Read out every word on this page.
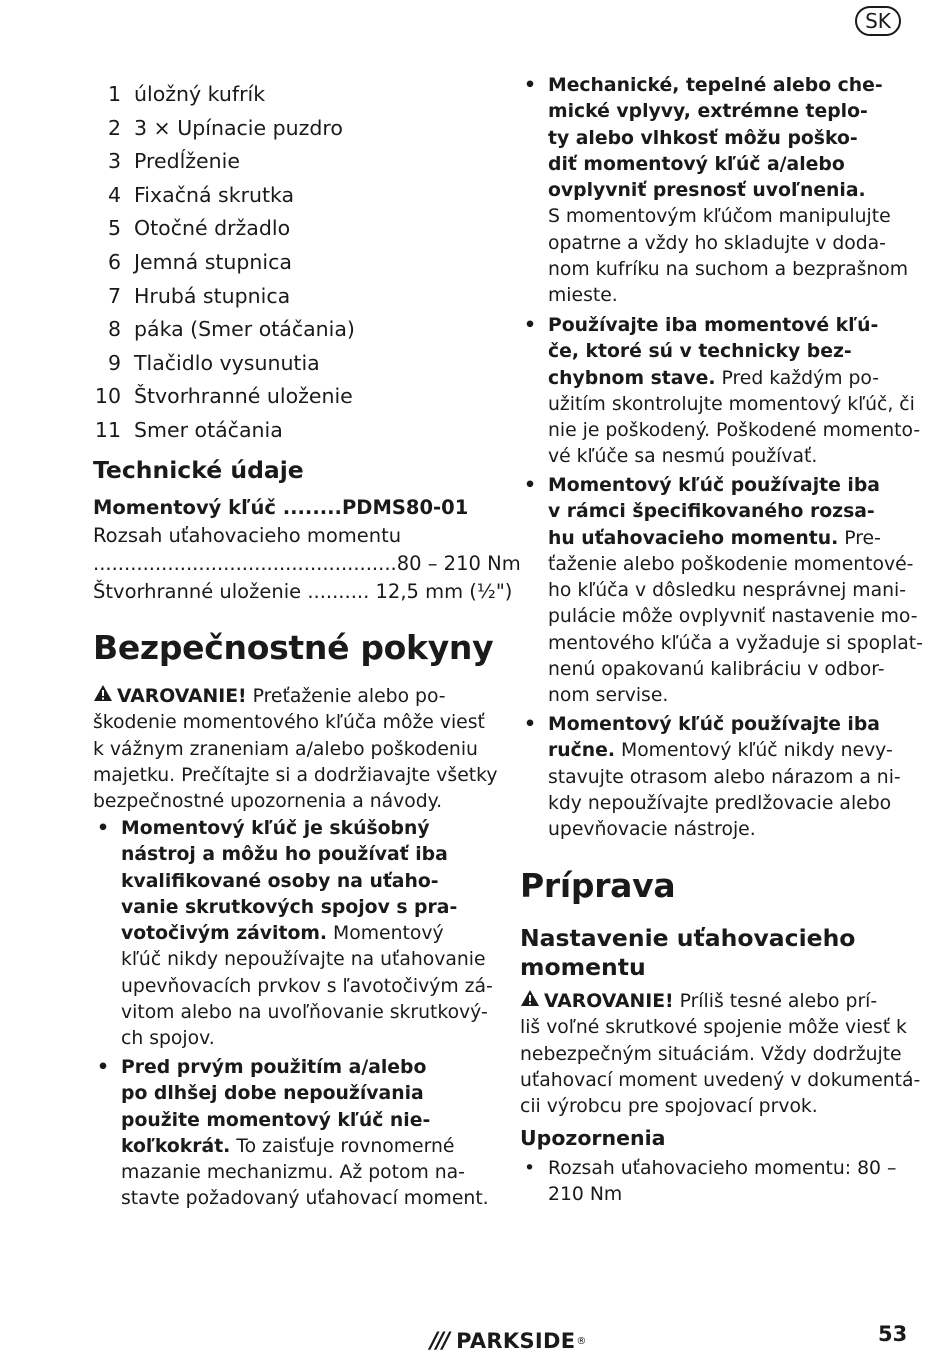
SK
1 úložný kufrík
2 3 × Upínacie puzdro
3 Predĺženie
4 Fixačná skrutka
5 Otočné držadlo
6 Jemná stupnica
7 Hrubá stupnica
8 páka (Smer otáčania)
9 Tlačidlo vysunutia
10 Štvorhranné uloženie
11 Smer otáčania
Technické údaje
Momentový kľúč ........PDMS80-01
Rozsah uťahovacieho momentu
.................................................80 – 210 Nm
Štvorhranné uloženie .......... 12,5 mm (½")
Bezpečnostné pokyny
VAROVANIE! Preťaženie alebo po-
škodenie momentového kľúča môže viesť
k vážnym zraneniam a/alebo poškodeniu
majetku. Prečítajte si a dodržiavajte všetky
bezpečnostné upozornenia a návody.
• Momentový kľúč je skúšobný
nástroj a môžu ho používať iba
kvalifikované osoby na uťaho-
vanie skrutkových spojov s pra-
votočivým závitom. Momentový
kľúč nikdy nepoužívajte na uťahovanie
upevňovacích prvkov s ľavotočivým zá-
vitom alebo na uvoľňovanie skrutkový-
ch spojov.
• Pred prvým použitím a/alebo
po dlhšej dobe nepoužívania
použite momentový kľúč nie-
koľkokrát. To zaisťuje rovnomerné
mazanie mechanizmu. Až potom na-
stavte požadovaný uťahovací moment.
• Mechanické, tepelné alebo che-
mické vplyvy, extrémne teplo-
ty alebo vlhkosť môžu poško-
diť momentový kľúč a/alebo
ovplyvniť presnosť uvoľnenia.
S momentovým kľúčom manipulujte
opatrne a vždy ho skladujte v doda-
nom kufríku na suchom a bezprašnom
mieste.
• Používajte iba momentové kľú-
če, ktoré sú v technicky bez-
chybnom stave. Pred každým po-
užitím skontrolujte momentový kľúč, či
nie je poškodený. Poškodené momento-
vé kľúče sa nesmú používať.
• Momentový kľúč používajte iba
v rámci špecifikovaného rozsa-
hu uťahovacieho momentu. Pre-
ťaženie alebo poškodenie momentové-
ho kľúča v dôsledku nesprávnej mani-
pulácie môže ovplyvniť nastavenie mo-
mentového kľúča a vyžaduje si spoplat-
nenú opakovanú kalibráciu v odbor-
nom servise.
• Momentový kľúč používajte iba
ručne. Momentový kľúč nikdy nevy-
stavujte otrasom alebo nárazom a ni-
kdy nepoužívajte predlžovacie alebo
upevňovacie nástroje.
Príprava
Nastavenie uťahovacieho
momentu
VAROVANIE! Príliš tesné alebo prí-
liš voľné skrutkové spojenie môže viesť k
nebezpečným situáciám. Vždy dodržujte
uťahovací moment uvedený v dokumentá-
cii výrobcu pre spojovací prvok.
Upozornenia
• Rozsah uťahovacieho momentu: 80 –
210 Nm
/// PARKSIDE ®	53
